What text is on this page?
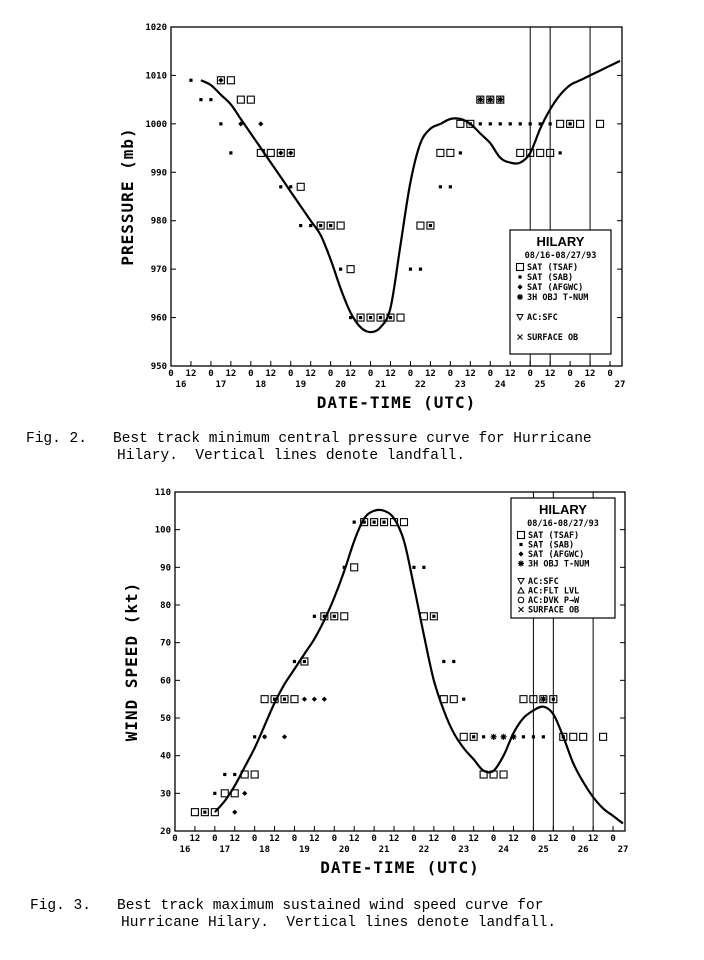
950
960
970
980
990
1000
1010
1020
0 12
16
0 12
17
0 12
18
0 12
19
0 12
20
0 12
21
0 12
22
0 12
23
0 12
24
0 12
25
0 12
26
0
27
HILARY
08/16-08/27/93
SAT (TSAF)
SAT (SAB)
SAT (AFGWC)
3H OBJ T-NUM
AC:SFC
SURFACE OB
DATE-TIME (UTC)
PRESSURE (mb)
20
30
40
50
60
70
80
90
100
110
0 12
16
0 12
17
0 12
18
0 12
19
0 12
20
0 12
21
0 12
22
0 12
23
0 12
24
0 12
25
0 12
26
0
27
HILARY
08/16-08/27/93
SAT (TSAF)
SAT (SAB)
SAT (AFGWC)
3H OBJ T-NUM
AC:SFC
AC:FLT LVL
AC:DVK P→W
SURFACE OB
DATE-TIME (UTC)
WIND SPEED (kt)
Fig. 2. Best track minimum central pressure curve for Hurricane
Hilary.  Vertical lines denote landfall.
Fig. 3. Best track maximum sustained wind speed curve for
Hurricane Hilary.  Vertical lines denote landfall.
